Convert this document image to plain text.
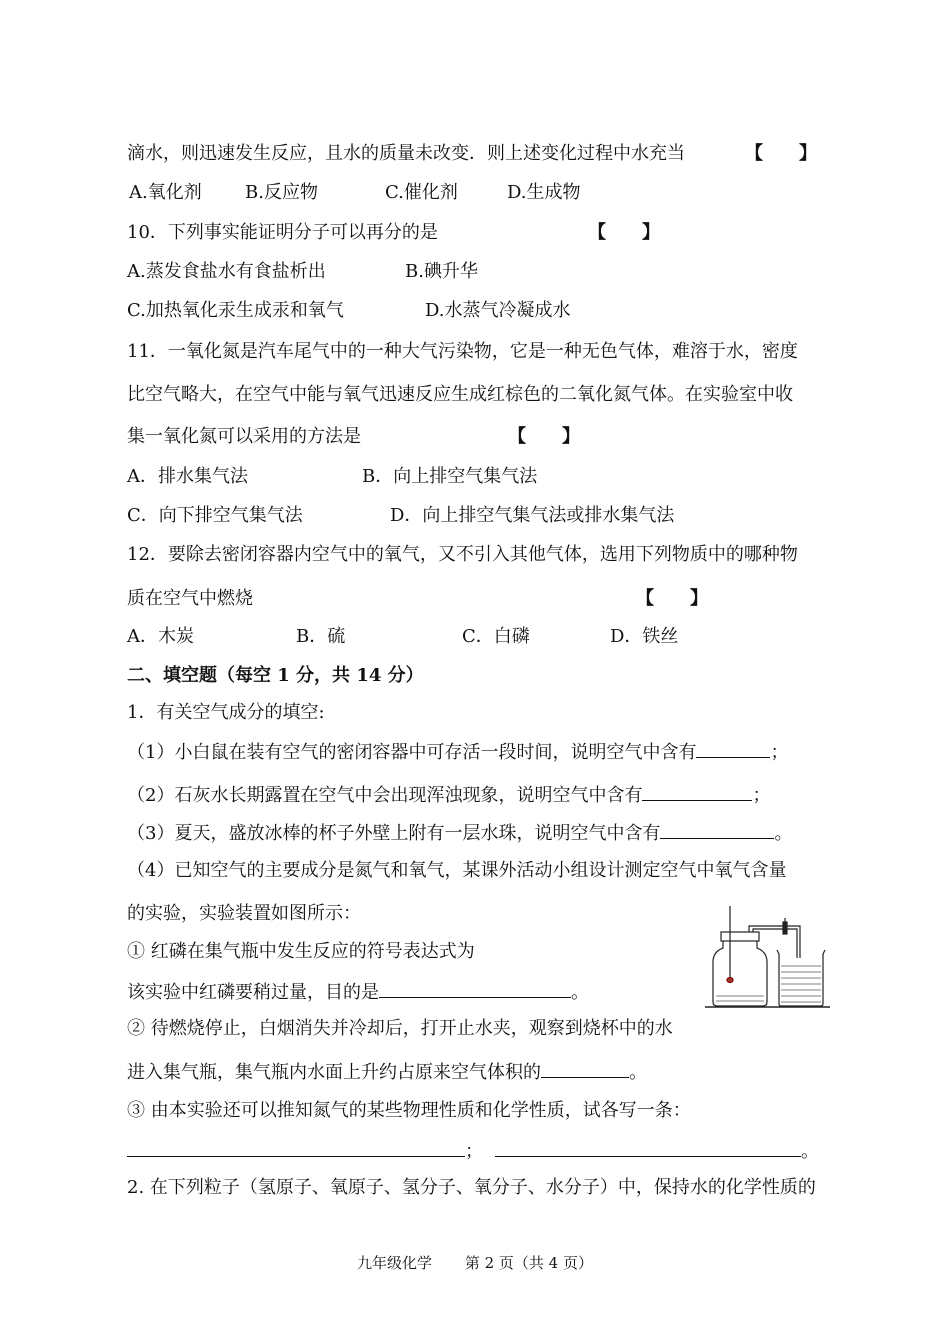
滴水，则迅速发生反应，且水的质量未改变．则上述变化过程中水充当	【　　】
A.氧化剂 B.反应物	C.催化剂	D.生成物
10．下列事实能证明分子可以再分的是	【　　】
A.蒸发食盐水有食盐析出	B.碘升华
C.加热氧化汞生成汞和氧气	D.水蒸气冷凝成水
11．一氧化氮是汽车尾气中的一种大气污染物，它是一种无色气体，难溶于水，密度
比空气略大，在空气中能与氧气迅速反应生成红棕色的二氧化氮气体。在实验室中收
集一氧化氮可以采用的方法是	【　　】
A．排水集气法	B．向上排空气集气法
C．向下排空气集气法	D．向上排空气集气法或排水集气法
12．要除去密闭容器内空气中的氧气，又不引入其他气体，选用下列物质中的哪种物
质在空气中燃烧	【　　】
A．木炭	B．硫	C．白磷	D．铁丝
二、填空题（每空 1 分，共 14 分）
1．有关空气成分的填空:
（1）小白鼠在装有空气的密闭容器中可存活一段时间，说明空气中含有	；
（2）石灰水长期露置在空气中会出现浑浊现象，说明空气中含有	；
（3）夏天，盛放冰棒的杯子外壁上附有一层水珠，说明空气中含有	。
（4）已知空气的主要成分是氮气和氧气，某课外活动小组设计测定空气中氧气含量
的实验，实验装置如图所示：
① 红磷在集气瓶中发生反应的符号表达式为
该实验中红磷要稍过量，目的是	。
② 待燃烧停止，白烟消失并冷却后，打开止水夹，观察到烧杯中的水
进入集气瓶，集气瓶内水面上升约占原来空气体积的	。
③ 由本实验还可以推知氮气的某些物理性质和化学性质，试各写一条：
；	。
2. 在下列粒子（氢原子、氧原子、氢分子、氧分子、水分子）中，保持水的化学性质的
九年级化学 第 2 页（共 4 页）
